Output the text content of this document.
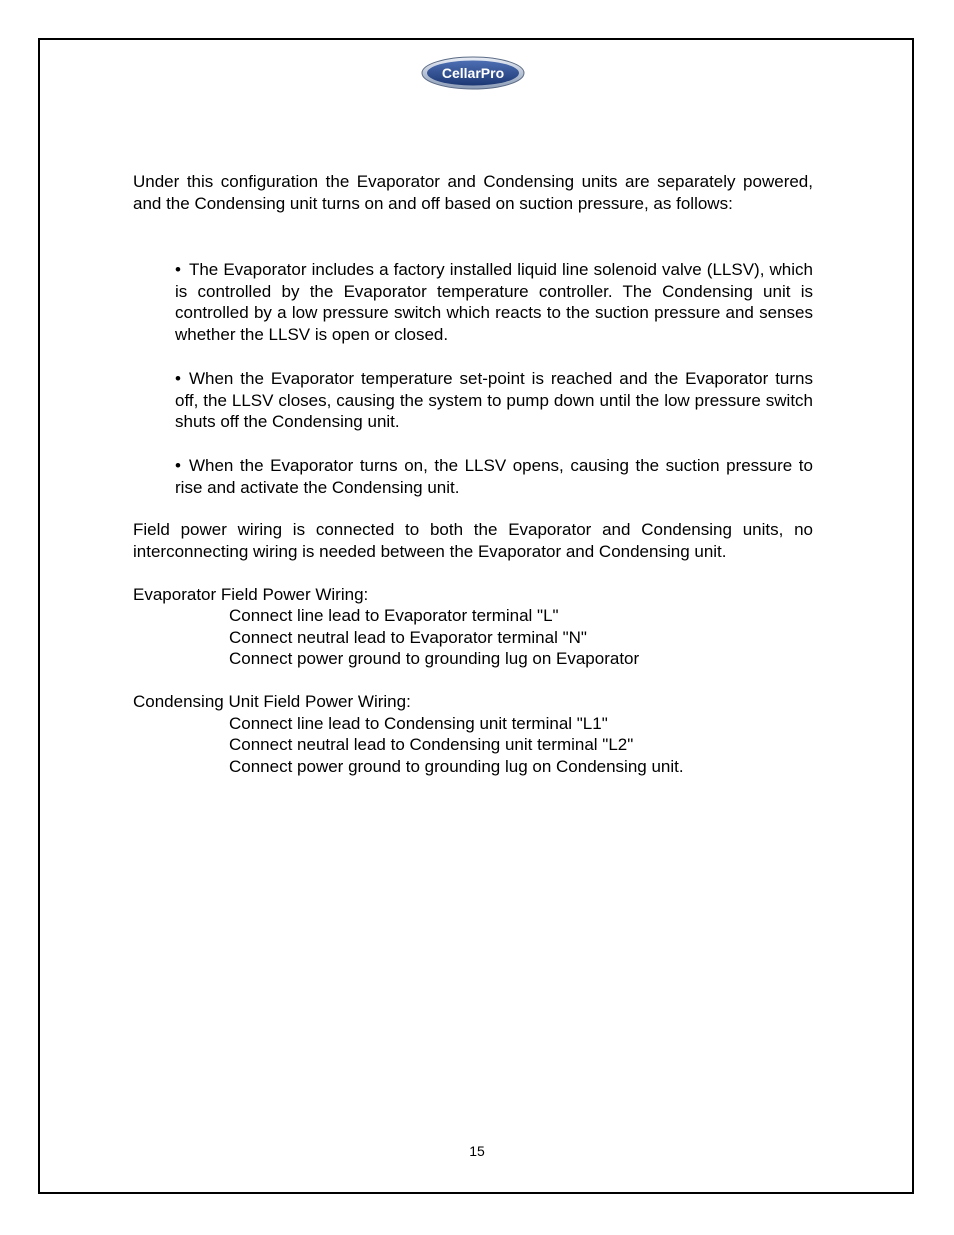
CellarPro
Under this configuration the Evaporator and Condensing units are separately powered, and the Condensing unit turns on and off based on suction pressure, as follows:
• The Evaporator includes a factory installed liquid line solenoid valve (LLSV), which is controlled by the Evaporator temperature controller. The Condensing unit is controlled by a low pressure switch which reacts to the suction pressure and senses whether the LLSV is open or closed.
• When the Evaporator temperature set-point is reached and the Evaporator turns off, the LLSV closes, causing the system to pump down until the low pressure switch shuts off the Condensing unit.
• When the Evaporator turns on, the LLSV opens, causing the suction pressure to rise and activate the Condensing unit.
Field power wiring is connected to both the Evaporator and Condensing units, no interconnecting wiring is needed between the Evaporator and Condensing unit.
Evaporator Field Power Wiring:
Connect line lead to Evaporator terminal "L"
Connect neutral lead to Evaporator terminal "N"
Connect power ground to grounding lug on Evaporator
Condensing Unit Field Power Wiring:
Connect line lead to Condensing unit terminal "L1"
Connect neutral lead to Condensing unit terminal "L2"
Connect power ground to grounding lug on Condensing unit.
15
